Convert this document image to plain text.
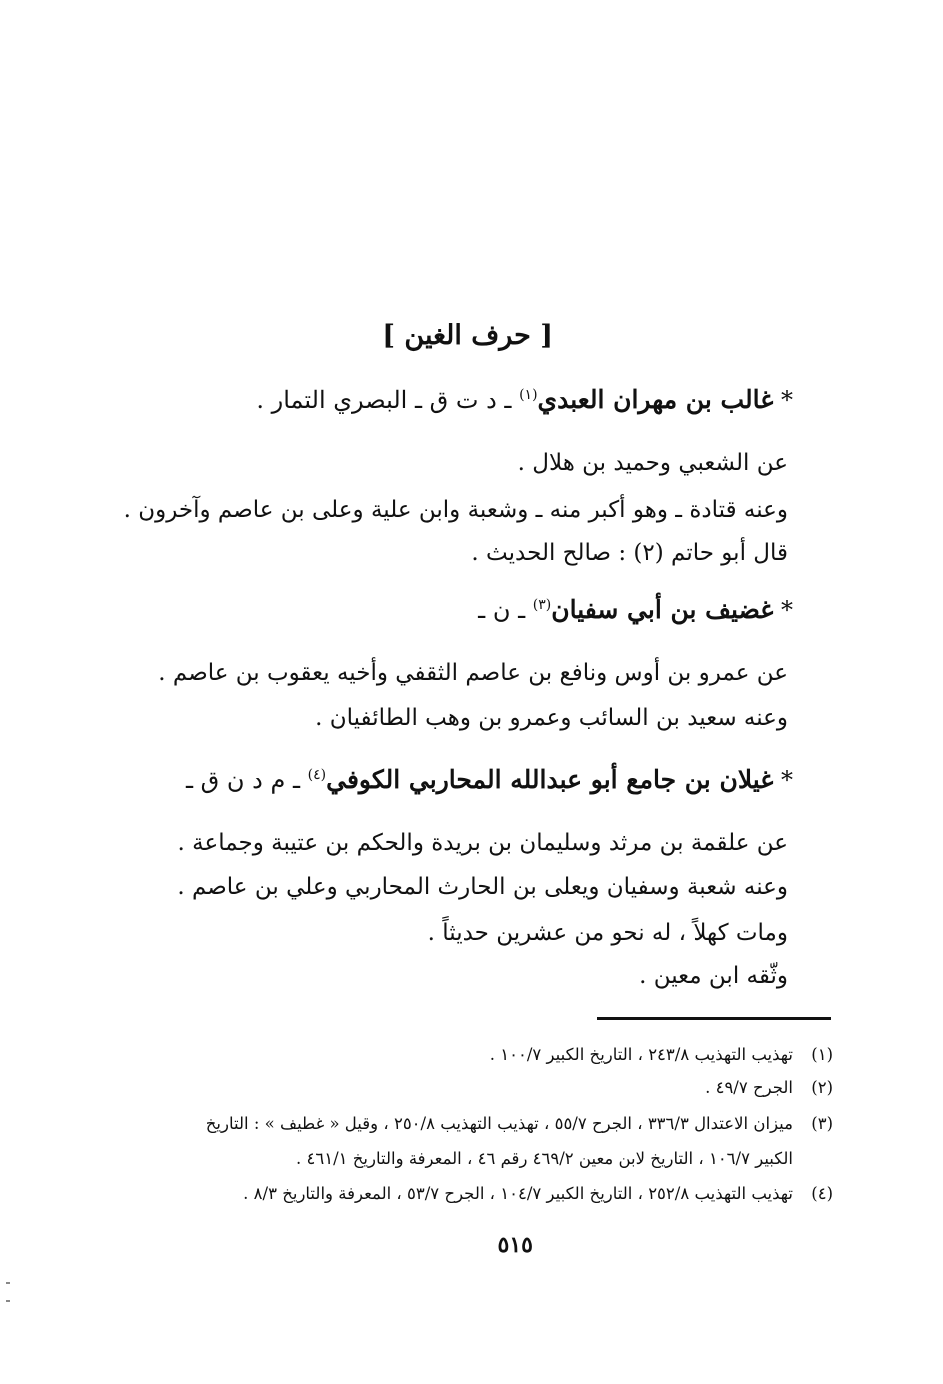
[ حرف الغين ]
* غالب بن مهران العبدي$^{(١)}$ ـ د ت ق ـ البصري التمار .
عن الشعبي وحميد بن هلال .
وعنه قتادة ـ وهو أكبر منه ـ وشعبة وابن علية وعلى بن عاصم وآخرون .
قال أبو حاتم (٢) : صالح الحديث .
* غضيف بن أبي سفيان$^{(٣)}$ ـ ن ـ
عن عمرو بن أوس ونافع بن عاصم الثقفي وأخيه يعقوب بن عاصم .
وعنه سعيد بن السائب وعمرو بن وهب الطائفيان .
* غيلان بن جامع أبو عبدالله المحاربي الكوفي$^{(٤)}$ ـ م د ن ق ـ
عن علقمة بن مرثد وسليمان بن بريدة والحكم بن عتيبة وجماعة .
وعنه شعبة وسفيان ويعلى بن الحارث المحاربي وعلي بن عاصم .
ومات كهلاً ، له نحو من عشرين حديثاً .
وثّقه ابن معين .
(١)تهذيب التهذيب ٢٤٣/٨ ، التاريخ الكبير ١٠٠/٧ .
(٢)الجرح ٤٩/٧ .
(٣)ميزان الاعتدال ٣٣٦/٣ ، الجرح ٥٥/٧ ، تهذيب التهذيب ٢٥٠/٨ ، وقيل « غطيف » : التاريخ
الكبير ١٠٦/٧ ، التاريخ لابن معين ٤٦٩/٢ رقم ٤٦ ، المعرفة والتاريخ ٤٦١/١ .
(٤)تهذيب التهذيب ٢٥٢/٨ ، التاريخ الكبير ١٠٤/٧ ، الجرح ٥٣/٧ ، المعرفة والتاريخ ٨/٣ .
٥١٥
